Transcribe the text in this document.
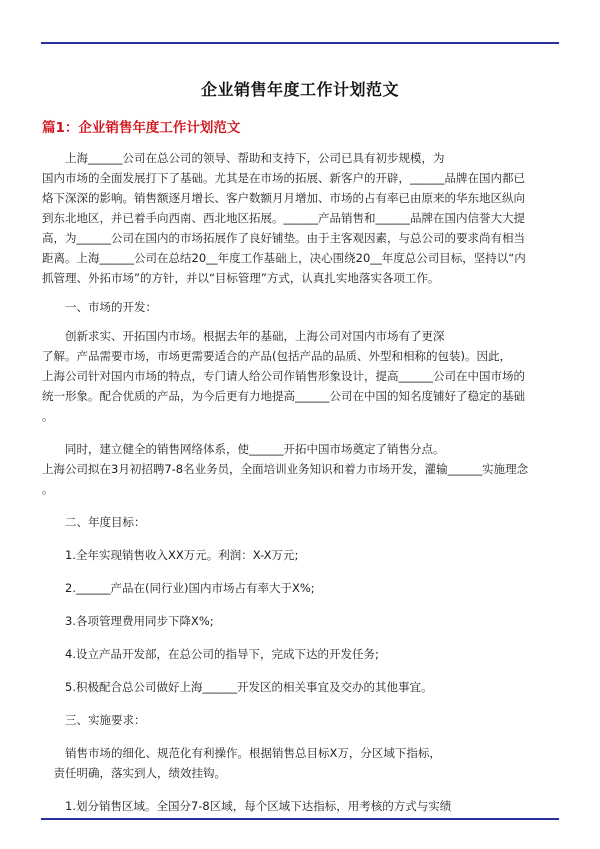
企业销售年度工作计划范文
篇1：企业销售年度工作计划范文

　　上海______公司在总公司的领导、帮助和支持下，公司已具有初步规模，为
国内市场的全面发展打下了基础。尤其是在市场的拓展、新客户的开辟，______品牌在国内都已
烙下深深的影响。销售额逐月增长、客户数额月月增加、市场的占有率已由原来的华东地区纵向
到东北地区，并已着手向西南、西北地区拓展。______产品销售和______品牌在国内信誉大大提
高，为______公司在国内的市场拓展作了良好铺垫。由于主客观因素，与总公司的要求尚有相当
距离。上海______公司在总结20__年度工作基础上，决心围绕20__年度总公司目标，坚持以“内
抓管理、外拓市场”的方针，并以“目标管理”方式，认真扎实地落实各项工作。

　　一、市场的开发：

　　创新求实、开拓国内市场。根据去年的基础，上海公司对国内市场有了更深
了解。产品需要市场，市场更需要适合的产品(包括产品的品质、外型和相称的包装)。因此，
上海公司针对国内市场的特点，专门请人给公司作销售形象设计，提高______公司在中国市场的
统一形象。配合优质的产品，为今后更有力地提高______公司在中国的知名度铺好了稳定的基础
。

　　同时，建立健全的销售网络体系，使______开拓中国市场奠定了销售分点。
上海公司拟在3月初招聘7-8名业务员，全面培训业务知识和着力市场开发，灌输______实施理念
。

　　二、年度目标：

　　1.全年实现销售收入XX万元。利润：X-X万元;

　　2.______产品在(同行业)国内市场占有率大于X%;

　　3.各项管理费用同步下降X%;

　　4.设立产品开发部，在总公司的指导下，完成下达的开发任务;

　　5.积极配合总公司做好上海______开发区的相关事宜及交办的其他事宜。

　　三、实施要求：

　　销售市场的细化、规范化有利操作。根据销售总目标X万，分区域下指标，
　责任明确，落实到人，绩效挂钩。

　　1.划分销售区域。全国分7-8区域，每个区域下达指标，用考核的方式与实绩
